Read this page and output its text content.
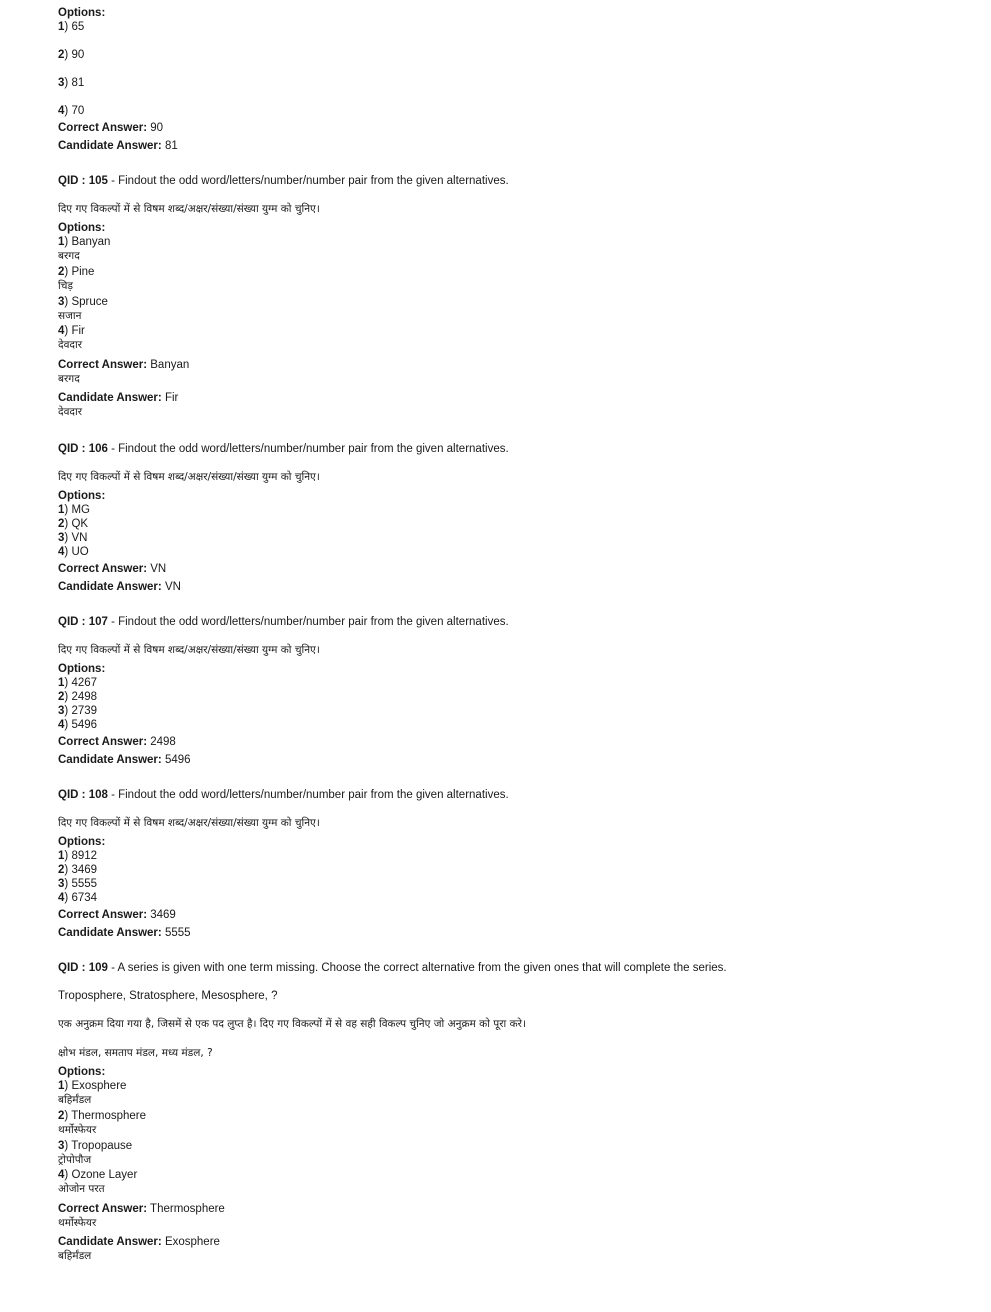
Options:
1) 65
2) 90
3) 81
4) 70
Correct Answer: 90
Candidate Answer: 81
QID : 105 - Findout the odd word/letters/number/number pair from the given alternatives.
दिए गए विकल्पों में से विषम शब्द/अक्षर/संख्या/संख्या युग्म को चुनिए।
Options:
1) Banyan
बरगद
2) Pine
चिड़
3) Spruce
सजान
4) Fir
देवदार
Correct Answer: Banyan
बरगद
Candidate Answer: Fir
देवदार
QID : 106 - Findout the odd word/letters/number/number pair from the given alternatives.
दिए गए विकल्पों में से विषम शब्द/अक्षर/संख्या/संख्या युग्म को चुनिए।
Options:
1) MG
2) QK
3) VN
4) UO
Correct Answer: VN
Candidate Answer: VN
QID : 107 - Findout the odd word/letters/number/number pair from the given alternatives.
दिए गए विकल्पों में से विषम शब्द/अक्षर/संख्या/संख्या युग्म को चुनिए।
Options:
1) 4267
2) 2498
3) 2739
4) 5496
Correct Answer: 2498
Candidate Answer: 5496
QID : 108 - Findout the odd word/letters/number/number pair from the given alternatives.
दिए गए विकल्पों में से विषम शब्द/अक्षर/संख्या/संख्या युग्म को चुनिए।
Options:
1) 8912
2) 3469
3) 5555
4) 6734
Correct Answer: 3469
Candidate Answer: 5555
QID : 109 - A series is given with one term missing. Choose the correct alternative from the given ones that will complete the series.
Troposphere, Stratosphere, Mesosphere, ?
एक अनुक्रम दिया गया है, जिसमें से एक पद लुप्त है। दिए गए विकल्पों में से वह सही विकल्प चुनिए जो अनुक्रम को पूरा करे।
क्षोभ मंडल, समताप मंडल, मध्य मंडल, ?
Options:
1) Exosphere
बहिर्मंडल
2) Thermosphere
थर्मोस्फेयर
3) Tropopause
ट्रोपोपौज
4) Ozone Layer
ओजोन परत
Correct Answer: Thermosphere
थर्मोस्फेयर
Candidate Answer: Exosphere
बहिर्मंडल
